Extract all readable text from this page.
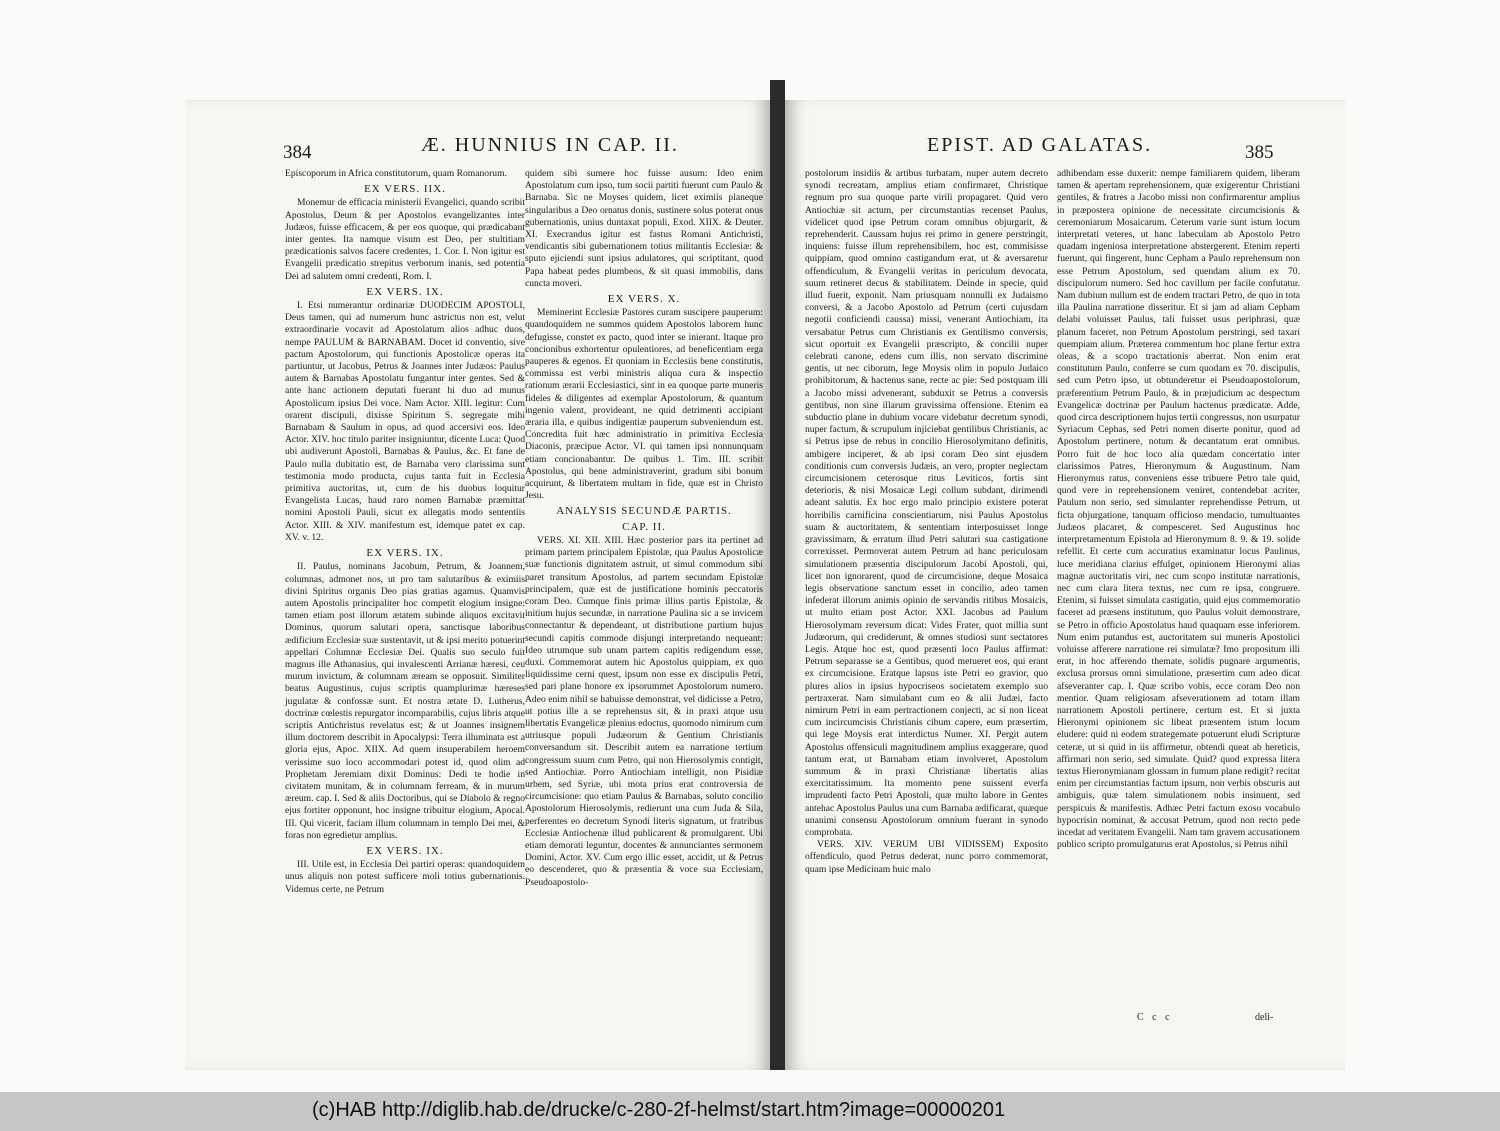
384	Æ. HUNNIUS IN CAP. II.

Episcoporum in Africa constitutorum, quam Romanorum.

EX VERS. IIX.

Monemur de efficacia ministerii Evangelici, quando scribit Apostolus, Deum & per Apostolos evangelizantes inter Judæos, fuisse efficacem, & per eos quoque, qui prædicabant inter gentes. Ita namque visum est Deo, per stultitiam prædicationis salvos facere credentes, 1. Cor. I. Non igitur est Evangelii prædicatio strepitus verborum inanis, sed potentia Dei ad salutem omni credenti, Rom. I.

EX VERS. IX.

I. Etsi numerantur ordinariæ DUODECIM APOSTOLI, Deus tamen, qui ad numerum hunc astrictus non est, velut extraordinarie vocavit ad Apostolatum alios adhuc duos, nempe PAULUM & BARNABAM. Docet id conventio, sive pactum Apostolorum, qui functionis Apostolicæ operas ita partiuntur, ut Jacobus, Petrus & Joannes inter Judæos: Paulus autem & Barnabas Apostolatu fungantur inter gentes. Sed & ante hanc actionem deputati fuerant hi duo ad munus Apostolicum ipsius Dei voce. Nam Actor. XIII. legitur: Cum orarent discipuli, dixisse Spiritum S. segregate mihi Barnabam & Saulum in opus, ad quod accersivi eos. Ideo Actor. XIV. hoc titulo pariter insigniuntur, dicente Luca: Quod ubi audiverunt Apostoli, Barnabas & Paulus, &c. Et fane de Paulo nulla dubitatio est, de Barnaba vero clarissima sunt testimonia modo producta, cujus tanta fuit in Ecclesia primitiva auctoritas, ut, cum de his duobus loquitur Evangelista Lucas, haud raro nomen Barnabæ præmittat nomini Apostoli Pauli, sicut ex allegatis modo sententiis Actor. XIII. & XIV. manifestum est, idemque patet ex cap. XV. v. 12.

EX VERS. IX.

II. Paulus, nominans Jacobum, Petrum, & Joannem, columnas, admonet nos, ut pro tam salutaribus & eximiis divini Spiritus organis Deo pias gratias agamus. Quamvis autem Apostolis principaliter hoc competit elogium insigne: tamen etiam post illorum ætatem subinde aliquos excitavit Dominus, quorum salutari opera, sanctisque laboribus ædificium Ecclesiæ suæ sustentavit, ut & ipsi merito potuerint appellari Columnæ Ecclesiæ Dei. Qualis suo seculo fuit magnus ille Athanasius, qui invalescenti Arrianæ hæresi, ceu murum invictum, & columnam æream se opposuit. Similiter beatus Augustinus, cujus scriptis quamplurimæ hæreses jugulatæ & confossæ sunt. Et nostra ætate D. Lutherus, doctrinæ cœlestis repurgator incomparabilis, cujus libris atque scriptis Antichristus revelatus est; & ut Joannes insignem illum doctorem describit in Apocalypsi: Terra illuminata est a gloria ejus, Apoc. XIIX. Ad quem insuperabilem heroem verissime suo loco accommodari potest id, quod olim ad Prophetam Jeremiam dixit Dominus: Dedi te hodie in civitatem munitam, & in columnam ferream, & in murum æreum. cap. I. Sed & aliis Doctoribus, qui se Diabolo & regno ejus fortiter opponunt, hoc insigne tribuitur elogium, Apocal. III. Qui vicerit, faciam illum columnam in templo Dei mei, & foras non egredietur amplius.

EX VERS. IX.

III. Utile est, in Ecclesia Dei partiri operas: quandoquidem unus aliquis non potest sufficere moli totius gubernationis. Videmus certe, ne Petrum

quidem sibi sumere hoc fuisse ausum: Ideo enim Apostolatum cum ipso, tum socii partiti fuerunt cum Paulo & Barnaba. Sic ne Moyses quidem, licet eximiis planeque singularibus a Deo ornatus donis, sustinere solus poterat onus gubernationis, unius duntaxat populi, Exod. XIIX. & Deuter. XI. Execrandus igitur est fastus Romani Antichristi, vendicantis sibi gubernationem totius militantis Ecclesiæ: & sputo ejiciendi sunt ipsius adulatores, qui scriptitant, quod Papa habeat pedes plumbeos, & sit quasi immobilis, dans cuncta moveri.

EX VERS. X.

Meminerint Ecclesiæ Pastores curam suscipere pauperum: quandoquidem ne summos quidem Apostolos laborem hunc defugisse, constet ex pacto, quod inter se inierant. Itaque pro concionibus exhortentur opulentiores, ad beneficentiam erga pauperes & egenos. Et quoniam in Ecclesiis bene constitutis, commissa est verbi ministris aliqua cura & inspectio rationum ærarii Ecclesiastici, sint in ea quoque parte muneris fideles & diligentes ad exemplar Apostolorum, & quantum ingenio valent, provideant, ne quid detrimenti accipiant æraria illa, e quibus indigentiæ pauperum subveniendum est. Concredita fuit hæc administratio in primitiva Ecclesia Diaconis, præcipue Actor. VI. qui tamen ipsi nonnunquam etiam concionabantur. De quibus 1. Tim. III. scribit Apostolus, qui bene administraverint, gradum sibi bonum acquirunt, & libertatem multam in fide, quæ est in Christo Jesu.

ANALYSIS SECUNDÆ PARTIS.
CAP. II.

VERS. XI. XII. XIII. Hæc posterior pars ita pertinet ad primam partem principalem Epistolæ, qua Paulus Apostolicæ suæ functionis dignitatem astruit, ut simul commodum sibi paret transitum Apostolus, ad partem secundam Epistolæ principalem, quæ est de justificatione hominis peccatoris coram Deo. Cumque finis primæ illius partis Epistolæ, & initium hujus secundæ, in narratione Paulina sic a se invicem connectantur & dependeant, ut distributione partium hujus secundi capitis commode disjungi interpretando nequeant: Ideo utrumque sub unam partem capitis redigendum esse, duxi. Commemorat autem hic Apostolus quippiam, ex quo liquidissime cerni quest, ipsum non esse ex discipulis Petri, sed pari plane honore ex ipsorummet Apostolorum numero. Adeo enim nihil se habuisse demonstrat, vel didicisse a Petro, ut potius ille a se reprehensus sit, & in praxi atque usu libertatis Evangelicæ plenius edoctus, quomodo nimirum cum utriusque populi Judæorum & Gentium Christianis conversandum sit. Describit autem ea narratione tertium congressum suum cum Petro, qui non Hierosolymis contigit, sed Antiochiæ. Porro Antiochiam intelligit, non Pisidiæ urbem, sed Syriæ, ubi mota prius erat controversia de circumcisione: quo etiam Paulus & Barnabas, soluto concilio Apostolorum Hierosolymis, redierunt una cum Juda & Sila, perferentes eo decretum Synodi literis signatum, ut fratribus Ecclesiæ Antiochenæ illud publicarent & promulgarent. Ubi etiam demorati leguntur, docentes & annunciantes sermonem Domini, Actor. XV. Cum ergo illic esset, accidit, ut & Petrus eo descenderet, quo & præsentia & voce sua Ecclesiam, Pseudoapostolo-

EPIST. AD GALATAS.	385

postolorum insidiis & artibus turbatam, nuper autem decreto synodi recreatam, amplius etiam confirmaret, Christique regnum pro sua quoque parte virili propagaret. Quid vero Antiochiæ sit actum, per circumstantias recenset Paulus, videlicet quod ipse Petrum coram omnibus objurgarit, & reprehenderit. Caussam hujus rei primo in genere perstringit, inquiens: fuisse illum reprehensibilem, hoc est, commisisse quippiam, quod omnino castigandum erat, ut & aversaretur offendiculum, & Evangelii veritas in periculum devocata, suum retineret decus & stabilitatem. Deinde in specie, quid illud fuerit, exponit. Nam priusquam nonnulli ex Judaismo conversi, & a Jacobo Apostolo ad Petrum (certi cujusdam negotii conficiendi caussa) missi, venerant Antiochiam, ita versabatur Petrus cum Christianis ex Gentilismo conversis, sicut oportuit ex Evangelii præscripto, & concilii nuper celebrati canone, edens cum illis, non servato discrimine gentis, ut nec ciborum, lege Moysis olim in populo Judaico prohibitorum, & hactenus sane, recte ac pie: Sed postquam illi a Jacobo missi advenerant, subduxit se Petrus a conversis gentibus, non sine illarum gravissima offensione. Etenim ea subductio plane in dubium vocare videbatur decretum synodi, nuper factum, & scrupulum injiciebat gentilibus Christianis, ac si Petrus ipse de rebus in concilio Hierosolymitano definitis, ambigere inciperet, & ab ipsi coram Deo sint ejusdem conditionis cum conversis Judæis, an vero, propter neglectam circumcisionem ceterosque ritus Leviticos, fortis sint deterioris, & nisi Mosaicæ Legi collum subdant, dirimendi adeant salutis. Ex hoc ergo malo principio existere poterat horribilis carnificina conscientiarum, nisi Paulus Apostolus suam & auctoritatem, & sententiam interposuisset longe gravissimam, & erratum illud Petri salutari sua castigatione correxisset. Permoverat autem Petrum ad hanc periculosam simulationem præsentia discipulorum Jacobi Apostoli, qui, licet non ignorarent, quod de circumcisione, deque Mosaica legis observatione sanctum esset in concilio, adeo tamen infederat illorum animis opinio de servandis ritibus Mosaicis, ut multo etiam post Actor. XXI. Jacobus ad Paulum Hierosolymam reversum dicat: Vides Frater, quot millia sunt Judæorum, qui crediderunt, & omnes studiosi sunt sectatores Legis. Atque hoc est, quod præsenti loco Paulus affirmat: Petrum separasse se a Gentibus, quod metueret eos, qui erant ex circumcisione. Eratque lapsus iste Petri eo gravior, quo plures alios in ipsius hypocriseos societatem exemplo suo pertraxerat. Nam simulabant cum eo & alii Judæi, facto nimirum Petri in eam pertractionem conjecti, ac si non liceat cum incircumcisis Christianis cibum capere, eum præsertim, qui lege Moysis erat interdictus Numer. XI. Pergit autem Apostolus offensiculi magnitudinem amplius exaggerare, quod tantum erat, ut Barnabam etiam involveret, Apostolum summum & in praxi Christianæ libertatis alias exercitatissimum. Ita momento pene suissent everfa imprudenti facto Petri Apostoli, quæ multo labore in Gentes antehac Apostolus Paulus una cum Barnaba ædificarat, quæque unanimi consensu Apostolorum omnium fuerant in synodo comprobata.

VERS. XIV. VERUM UBI VIDISSEM) Exposito offendiculo, quod Petrus dederat, nunc porro commemorat, quam ipse Medicinam huic malo

adhibendam esse duxerit: nempe familiarem quidem, liberam tamen & apertam reprehensionem, quæ exigerentur Christiani gentiles, & fratres a Jacobo missi non confirmarentur amplius in præpostera opinione de necessitate circumcisionis & ceremoniarum Mosaicarum. Ceterum varie sunt istum locum interpretati veteres, ut hanc labeculam ab Apostolo Petro quadam ingeniosa interpretatione abstergerent. Etenim reperti fuerunt, qui fingerent, hunc Cepham a Paulo reprehensum non esse Petrum Apostolum, sed quendam alium ex 70. discipulorum numero. Sed hoc cavillum per facile confutatur. Nam dubium nullum est de eodem tractari Petro, de quo in tota illa Paulina narratione disseritur. Et si jam ad aliam Cepham delabi voluisset Paulus, tali fuisset usus periphrasi, quæ planum faceret, non Petrum Apostolum perstringi, sed taxari quempiam alium. Præterea commentum hoc plane fertur extra oleas, & a scopo tractationis aberrat. Non enim erat constitutum Paulo, conferre se cum quodam ex 70. discipulis, sed cum Petro ipso, ut obtunderetur ei Pseudoapostolorum, præferentium Petrum Paulo, & in præjudicium ac despectum Evangelicæ doctrinæ per Paulum hactenus prædicatæ. Adde, quod circa descriptionem hujus tertii congressus, non usurpatur Syriacum Cephas, sed Petri nomen diserte ponitur, quod ad Apostolum pertinere, notum & decantatum erat omnibus. Porro fuit de hoc loco alia quædam concertatio inter clarissimos Patres, Hieronymum & Augustinum. Nam Hieronymus ratus, conveniens esse tribuere Petro tale quid, quod vere in reprehensionem veniret, contendebat acriter, Paulum non serio, sed simulanter reprehendisse Petrum, ut ficta objurgatione, tanquam officioso mendacio, tumultuantes Judæos placaret, & compesceret. Sed Augustinus hoc interpretamentum Epistola ad Hieronymum 8. 9. & 19. solide refellit. Et certe cum accuratius examinatur locus Paulinus, luce meridiana clarius effulget, opinionem Hieronymi alias magnæ auctoritatis viri, nec cum scopo institutæ narrationis, nec cum clara litera textus, nec cum re ipsa, congruere. Etenim, si fuisset simulata castigatio, quid ejus commemoratio faceret ad præsens institutum, quo Paulus voluit demonstrare, se Petro in officio Apostolatus haud quaquam esse inferiorem. Num enim putandus est, auctoritatem sui muneris Apostolici voluisse afferere narratione rei simulatæ? Imo propositum illi erat, in hoc afferendo themate, solidis pugnare argumentis, exclusa prorsus omni simulatione, præsertim cum adeo dicat afseveranter cap. I. Quæ scribo vobis, ecce coram Deo non mentior. Quam religiosam afseverationem ad totam illam narrationem Apostoli pertinere, certum est. Et si juxta Hieronymi opinionem sic libeat præsentem istum locum eludere: quid ni eodem strategemate potuerunt eludi Scripturæ ceteræ, ut si quid in iis affirmetur, obtendi queat ab hereticis, affirmari non serio, sed simulate. Quid? quod expressa litera textus Hieronymianam glossam in fumum plane redigit? recitat enim per circumstantias factum ipsum, non verbis obscuris aut ambiguis, quæ talem simulationem nobis insinuent, sed perspicuis & manifestis. Adhæc Petri factum exoso vocabulo hypocrisin nominat, & accusat Petrum, quod non recto pede incedat ad veritatem Evangelii. Nam tam gravem accusationem publico scripto promulgaturus erat Apostolus, si Petrus nihil

C c c	deli-
(c)HAB http://diglib.hab.de/drucke/c-280-2f-helmst/start.htm?image=00000201
